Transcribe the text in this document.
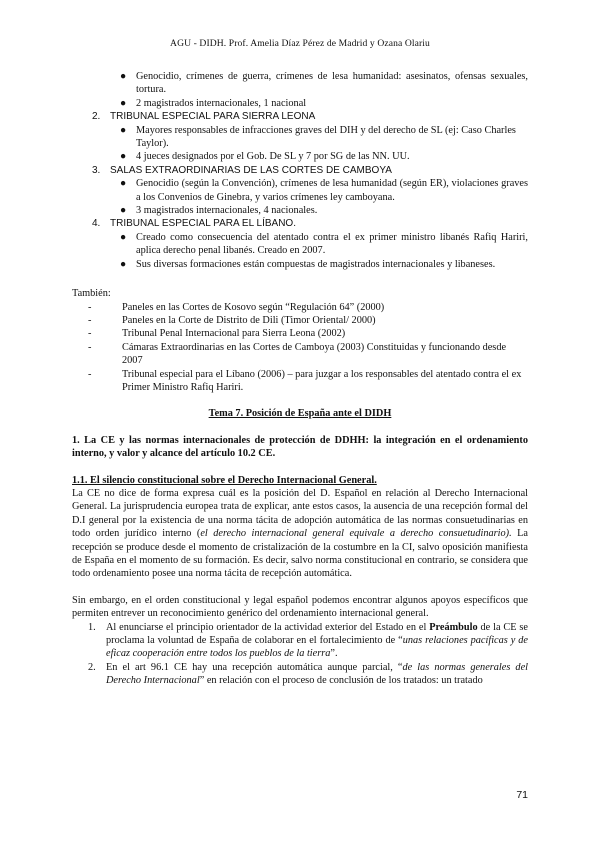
AGU - DIDH. Prof. Amelia Díaz Pérez de Madrid y Ozana Olariu
● Genocidio, crímenes de guerra, crímenes de lesa humanidad: asesinatos, ofensas sexuales, tortura.
● 2 magistrados internacionales, 1 nacional
2. TRIBUNAL ESPECIAL PARA SIERRA LEONA
● Mayores responsables de infracciones graves del DIH y del derecho de SL (ej: Caso Charles Taylor).
● 4 jueces designados por el Gob. De SL y 7 por SG de las NN. UU.
3. SALAS EXTRAORDINARIAS DE LAS CORTES DE CAMBOYA
● Genocidio (según la Convención), crímenes de lesa humanidad (según ER), violaciones graves a los Convenios de Ginebra, y varios crímenes ley camboyana.
● 3 magistrados internacionales, 4 nacionales.
4. TRIBUNAL ESPECIAL PARA EL LÍBANO.
● Creado como consecuencia del atentado contra el ex primer ministro libanés Rafiq Hariri, aplica derecho penal libanés. Creado en 2007.
● Sus diversas formaciones están compuestas de magistrados internacionales y libaneses.

También:

-	Paneles en las Cortes de Kosovo según “Regulación 64” (2000)
-	Paneles en la Corte de Distrito de Dili (Timor Oriental/ 2000)
-	Tribunal Penal Internacional para Sierra Leona (2002)
-	Cámaras Extraordinarias en las Cortes de Camboya (2003) Constituidas y funcionando desde 2007
-	Tribunal especial para el Líbano (2006) – para juzgar a los responsables del atentado contra el ex Primer Ministro Rafiq Hariri.

Tema 7. Posición de España ante el DIDH

1. La CE y las normas internacionales de protección de DDHH: la integración en el ordenamiento interno, y valor y alcance del artículo 10.2 CE.

1.1. El silencio constitucional sobre el Derecho Internacional General.

La CE no dice de forma expresa cuál es la posición del D. Español en relación al Derecho Internacional General. La jurisprudencia europea trata de explicar, ante estos casos, la ausencia de una recepción formal del D.I general por la existencia de una norma tácita de adopción automática de las normas consuetudinarias en todo orden jurídico interno (el derecho internacional general equivale a derecho consuetudinario). La recepción se produce desde el momento de cristalización de la costumbre en la CI, salvo oposición manifiesta de España en el momento de su formación. Es decir, salvo norma constitucional en contrario, se considera que todo ordenamiento posee una norma tácita de recepción automática.

Sin embargo, en el orden constitucional y legal español podemos encontrar algunos apoyos específicos que permiten entrever un reconocimiento genérico del ordenamiento internacional general.

1. Al enunciarse el principio orientador de la actividad exterior del Estado en el Preámbulo de la CE se proclama la voluntad de España de colaborar en el fortalecimiento de “unas relaciones pacíficas y de eficaz cooperación entre todos los pueblos de la tierra”.
2. En el art 96.1 CE hay una recepción automática aunque parcial, “de las normas generales del Derecho Internacional” en relación con el proceso de conclusión de los tratados: un tratado
71
